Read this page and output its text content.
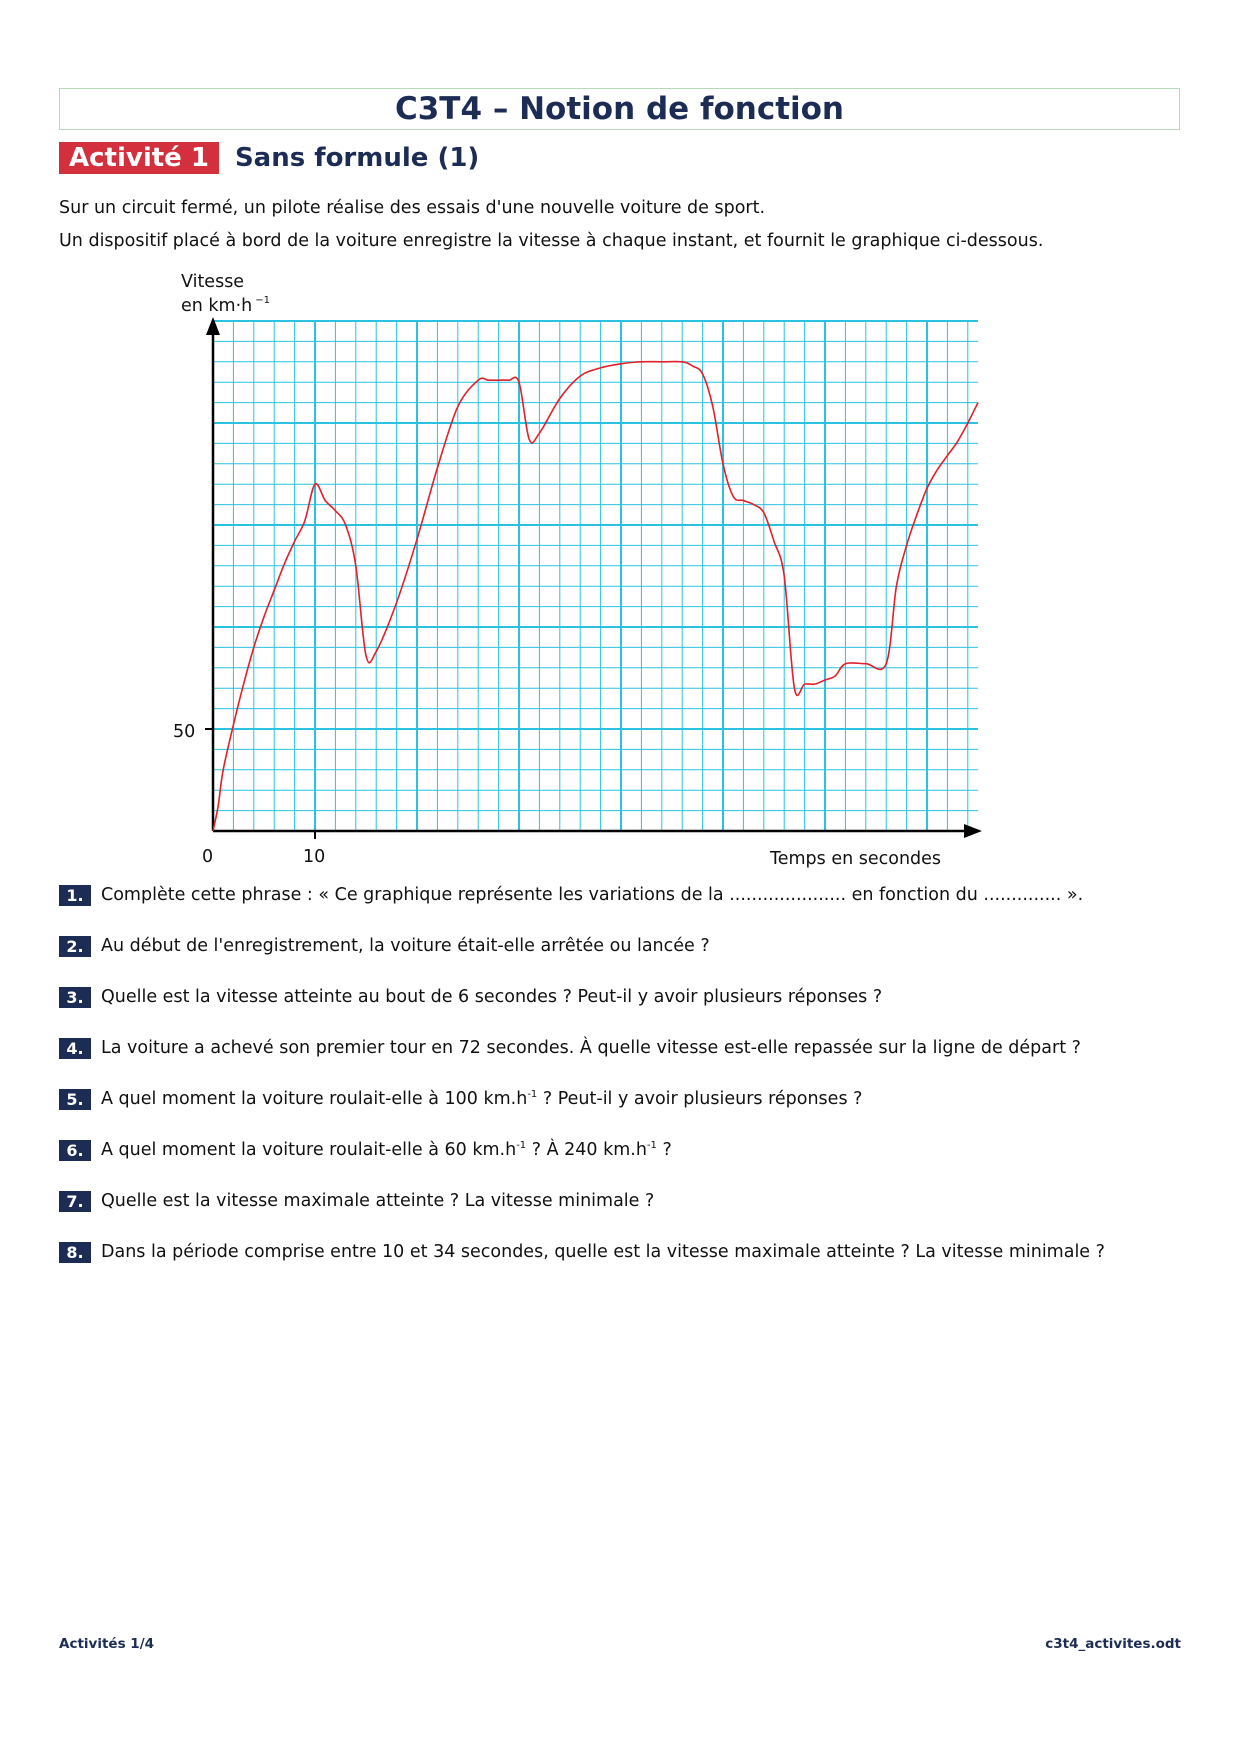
C3T4 – Notion de fonction
Activité 1	Sans formule (1)
Sur un circuit fermé, un pilote réalise des essais d'une nouvelle voiture de sport.
Un dispositif placé à bord de la voiture enregistre la vitesse à chaque instant, et fournit le graphique ci-dessous.
Vitesse
en km·h $^{-1}$
50
0	10	Temps en secondes
1. Complète cette phrase : « Ce graphique représente les variations de la ..................... en fonction du .............. ».
2. Au début de l'enregistrement, la voiture était-elle arrêtée ou lancée ?
3. Quelle est la vitesse atteinte au bout de 6 secondes ? Peut-il y avoir plusieurs réponses ?
4. La voiture a achevé son premier tour en 72 secondes. À quelle vitesse est-elle repassée sur la ligne de départ ?
5. A quel moment la voiture roulait-elle à 100 $km.h^{-1}$ ? Peut-il y avoir plusieurs réponses ?
6. A quel moment la voiture roulait-elle à 60 $km.h^{-1}$ ? À 240 $km.h^{-1}$ ?
7. Quelle est la vitesse maximale atteinte ? La vitesse minimale ?
8. Dans la période comprise entre 10 et 34 secondes, quelle est la vitesse maximale atteinte ? La vitesse minimale ?
Activités 1/4	c3t4_activites.odt
